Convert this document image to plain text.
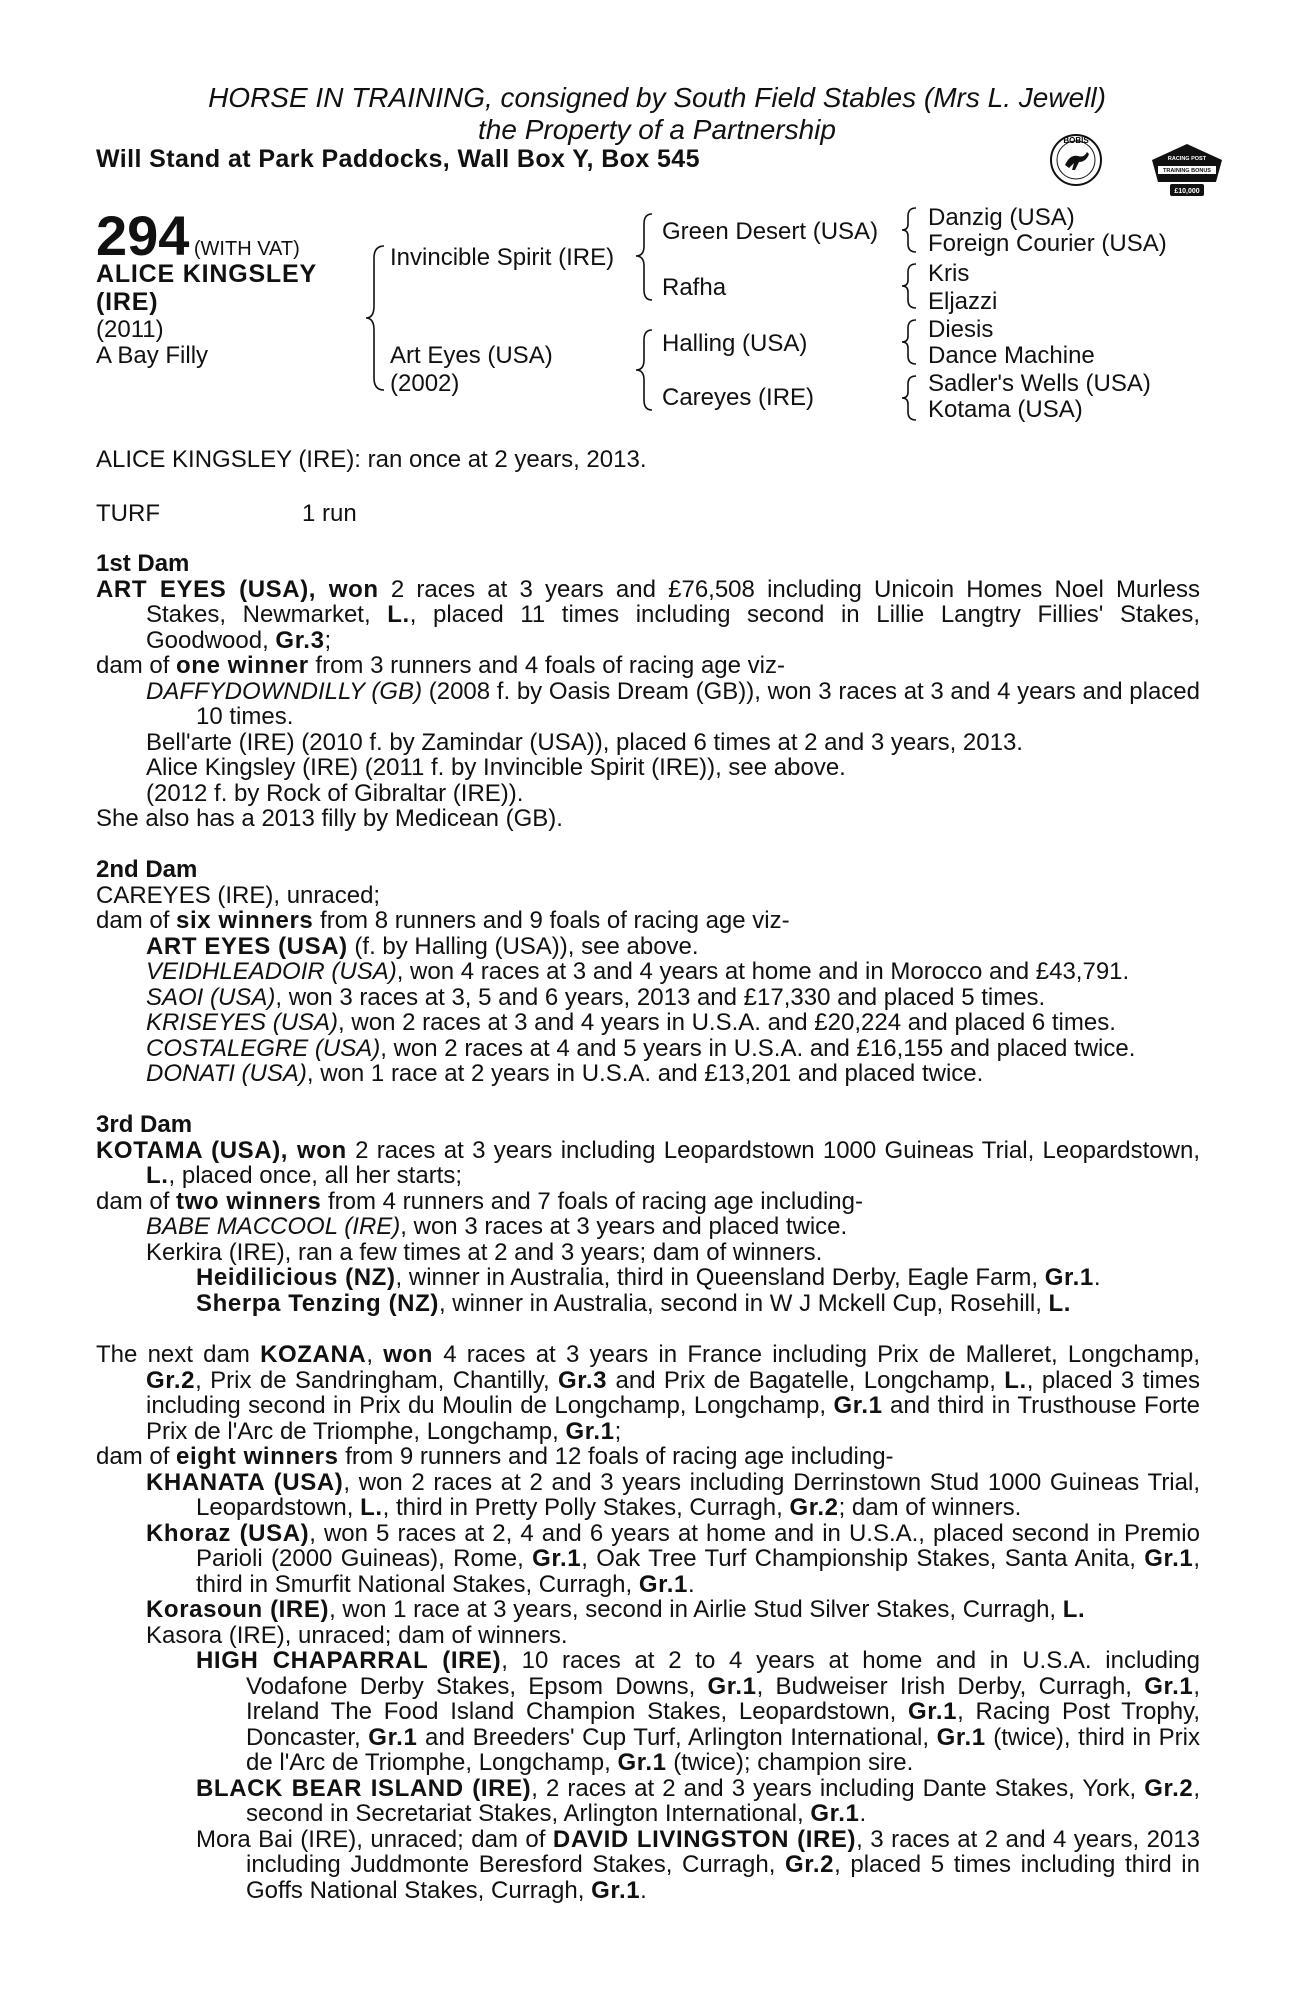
HORSE IN TRAINING, consigned by South Field Stables (Mrs L. Jewell)
the Property of a Partnership
Will Stand at Park Paddocks, Wall Box Y, Box 545
BOBIS
RACING POST
TRAINING BONUS
£10,000
294 (WITH VAT)
ALICE KINGSLEY
(IRE)
(2011)
A Bay Filly
Invincible Spirit (IRE)
Art Eyes (USA)
(2002)
Green Desert (USA)
Rafha
Halling (USA)
Careyes (IRE)
Danzig (USA)
Foreign Courier (USA)
Kris
Eljazzi
Diesis
Dance Machine
Sadler's Wells (USA)
Kotama (USA)
ALICE KINGSLEY (IRE): ran once at 2 years, 2013.
TURF	1 run
1st Dam

ART EYES (USA), won 2 races at 3 years and £76,508 including Unicoin Homes Noel Murless Stakes, Newmarket, L., placed 11 times including second in Lillie Langtry Fillies' Stakes, Goodwood, Gr.3;

dam of one winner from 3 runners and 4 foals of racing age viz-

DAFFYDOWNDILLY (GB) (2008 f. by Oasis Dream (GB)), won 3 races at 3 and 4 years and placed 10 times.

Bell'arte (IRE) (2010 f. by Zamindar (USA)), placed 6 times at 2 and 3 years, 2013.

Alice Kingsley (IRE) (2011 f. by Invincible Spirit (IRE)), see above.

(2012 f. by Rock of Gibraltar (IRE)).

She also has a 2013 filly by Medicean (GB).

2nd Dam

CAREYES (IRE), unraced;

dam of six winners from 8 runners and 9 foals of racing age viz-

ART EYES (USA) (f. by Halling (USA)), see above.

VEIDHLEADOIR (USA), won 4 races at 3 and 4 years at home and in Morocco and £43,791.

SAOI (USA), won 3 races at 3, 5 and 6 years, 2013 and £17,330 and placed 5 times.

KRISEYES (USA), won 2 races at 3 and 4 years in U.S.A. and £20,224 and placed 6 times.

COSTALEGRE (USA), won 2 races at 4 and 5 years in U.S.A. and £16,155 and placed twice.

DONATI (USA), won 1 race at 2 years in U.S.A. and £13,201 and placed twice.

3rd Dam

KOTAMA (USA), won 2 races at 3 years including Leopardstown 1000 Guineas Trial, Leopardstown, L., placed once, all her starts;

dam of two winners from 4 runners and 7 foals of racing age including-

BABE MACCOOL (IRE), won 3 races at 3 years and placed twice.

Kerkira (IRE), ran a few times at 2 and 3 years; dam of winners.

Heidilicious (NZ), winner in Australia, third in Queensland Derby, Eagle Farm, Gr.1.

Sherpa Tenzing (NZ), winner in Australia, second in W J Mckell Cup, Rosehill, L.

The next dam KOZANA, won 4 races at 3 years in France including Prix de Malleret, Longchamp, Gr.2, Prix de Sandringham, Chantilly, Gr.3 and Prix de Bagatelle, Longchamp, L., placed 3 times including second in Prix du Moulin de Longchamp, Longchamp, Gr.1 and third in Trusthouse Forte Prix de l'Arc de Triomphe, Longchamp, Gr.1;

dam of eight winners from 9 runners and 12 foals of racing age including-

KHANATA (USA), won 2 races at 2 and 3 years including Derrinstown Stud 1000 Guineas Trial, Leopardstown, L., third in Pretty Polly Stakes, Curragh, Gr.2; dam of winners.

Khoraz (USA), won 5 races at 2, 4 and 6 years at home and in U.S.A., placed second in Premio Parioli (2000 Guineas), Rome, Gr.1, Oak Tree Turf Championship Stakes, Santa Anita, Gr.1, third in Smurfit National Stakes, Curragh, Gr.1.

Korasoun (IRE), won 1 race at 3 years, second in Airlie Stud Silver Stakes, Curragh, L.

Kasora (IRE), unraced; dam of winners.

HIGH CHAPARRAL (IRE), 10 races at 2 to 4 years at home and in U.S.A. including Vodafone Derby Stakes, Epsom Downs, Gr.1, Budweiser Irish Derby, Curragh, Gr.1, Ireland The Food Island Champion Stakes, Leopardstown, Gr.1, Racing Post Trophy, Doncaster, Gr.1 and Breeders' Cup Turf, Arlington International, Gr.1 (twice), third in Prix de l'Arc de Triomphe, Longchamp, Gr.1 (twice); champion sire.

BLACK BEAR ISLAND (IRE), 2 races at 2 and 3 years including Dante Stakes, York, Gr.2, second in Secretariat Stakes, Arlington International, Gr.1.

Mora Bai (IRE), unraced; dam of DAVID LIVINGSTON (IRE), 3 races at 2 and 4 years, 2013 including Juddmonte Beresford Stakes, Curragh, Gr.2, placed 5 times including third in Goffs National Stakes, Curragh, Gr.1.
